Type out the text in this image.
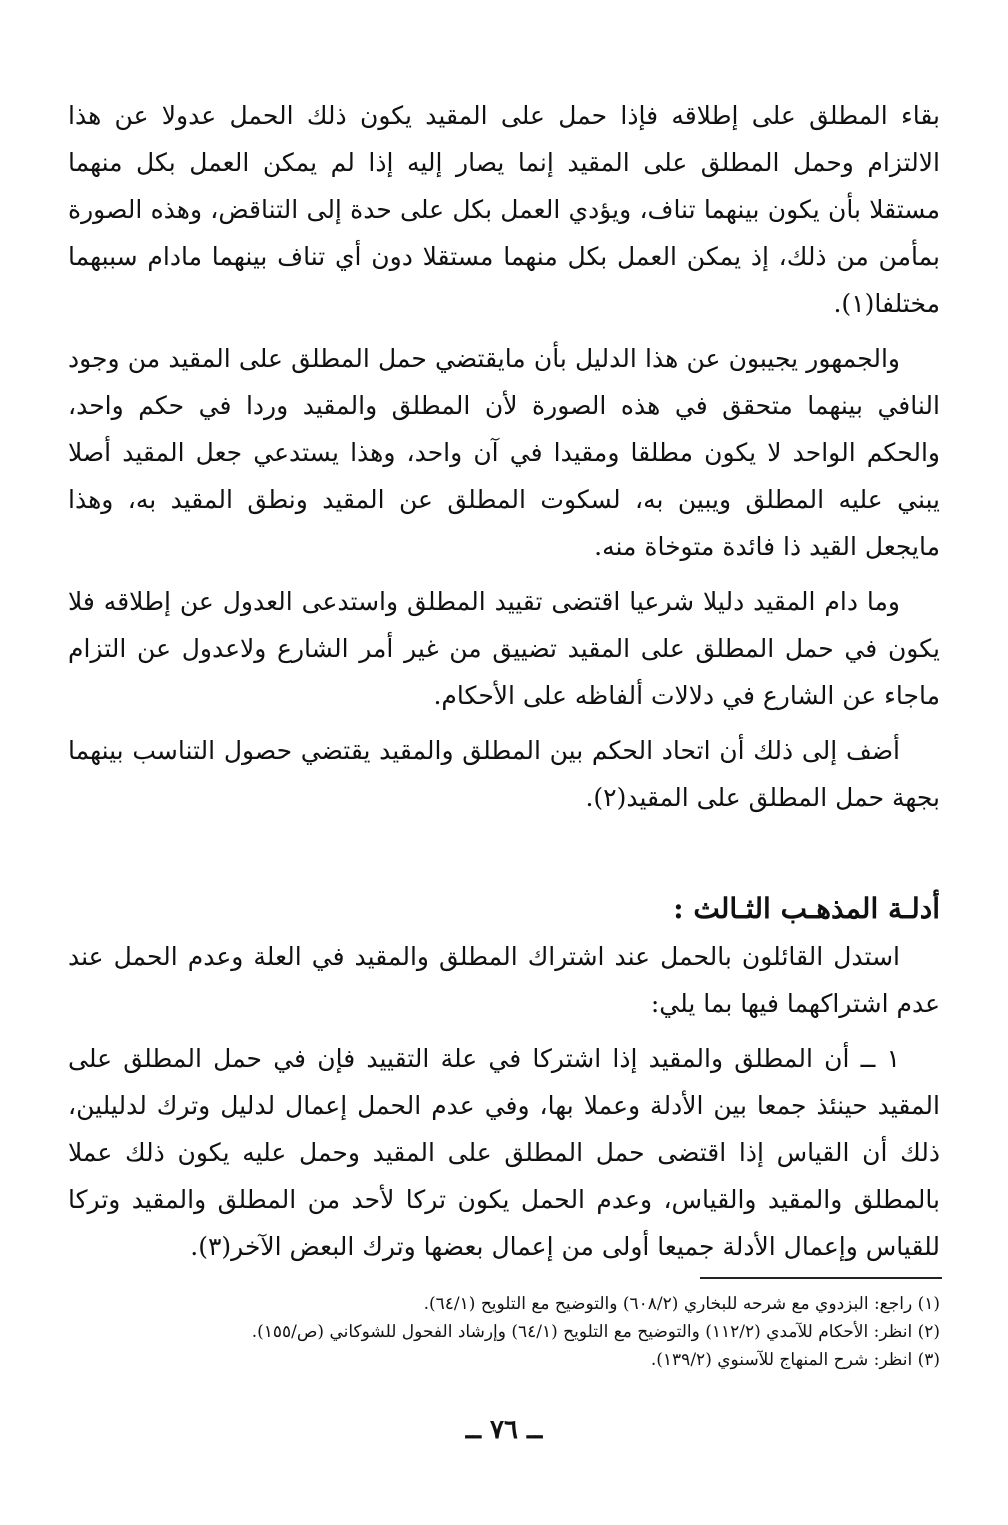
بقاء المطلق على إطلاقه فإذا حمل على المقيد يكون ذلك الحمل عدولا عن هذا الالتزام وحمل المطلق على المقيد إنما يصار إليه إذا لم يمكن العمل بكل منهما مستقلا بأن يكون بينهما تناف، ويؤدي العمل بكل على حدة إلى التناقض، وهذه الصورة بمأمن من ذلك، إذ يمكن العمل بكل منهما مستقلا دون أي تناف بينهما مادام سببهما مختلفا(١).

والجمهور يجيبون عن هذا الدليل بأن مايقتضي حمل المطلق على المقيد من وجود النافي بينهما متحقق في هذه الصورة لأن المطلق والمقيد وردا في حكم واحد، والحكم الواحد لا يكون مطلقا ومقيدا في آن واحد، وهذا يستدعي جعل المقيد أصلا يبني عليه المطلق ويبين به، لسكوت المطلق عن المقيد ونطق المقيد به، وهذا مايجعل القيد ذا فائدة متوخاة منه.

وما دام المقيد دليلا شرعيا اقتضى تقييد المطلق واستدعى العدول عن إطلاقه فلا يكون في حمل المطلق على المقيد تضييق من غير أمر الشارع ولاعدول عن التزام ماجاء عن الشارع في دلالات ألفاظه على الأحكام.

أضف إلى ذلك أن اتحاد الحكم بين المطلق والمقيد يقتضي حصول التناسب بينهما بجهة حمل المطلق على المقيد(٢).

أدلـة المذهـب الثـالث :

استدل القائلون بالحمل عند اشتراك المطلق والمقيد في العلة وعدم الحمل عند عدم اشتراكهما فيها بما يلي:

١ ــ أن المطلق والمقيد إذا اشتركا في علة التقييد فإن في حمل المطلق على المقيد حينئذ جمعا بين الأدلة وعملا بها، وفي عدم الحمل إعمال لدليل وترك لدليلين، ذلك أن القياس إذا اقتضى حمل المطلق على المقيد وحمل عليه يكون ذلك عملا بالمطلق والمقيد والقياس، وعدم الحمل يكون تركا لأحد من المطلق والمقيد وتركا للقياس وإعمال الأدلة جميعا أولى من إعمال بعضها وترك البعض الآخر(٣).

(١) راجع: البزدوي مع شرحه للبخاري (٦٠٨/٢) والتوضيح مع التلويح (٦٤/١).

(٢) انظر: الأحكام للآمدي (١١٢/٢) والتوضيح مع التلويح (٦٤/١) وإرشاد الفحول للشوكاني (ص/١٥٥).

(٣) انظر: شرح المنهاج للآسنوي (١٣٩/٢).

ــ ٧٦ ــ
